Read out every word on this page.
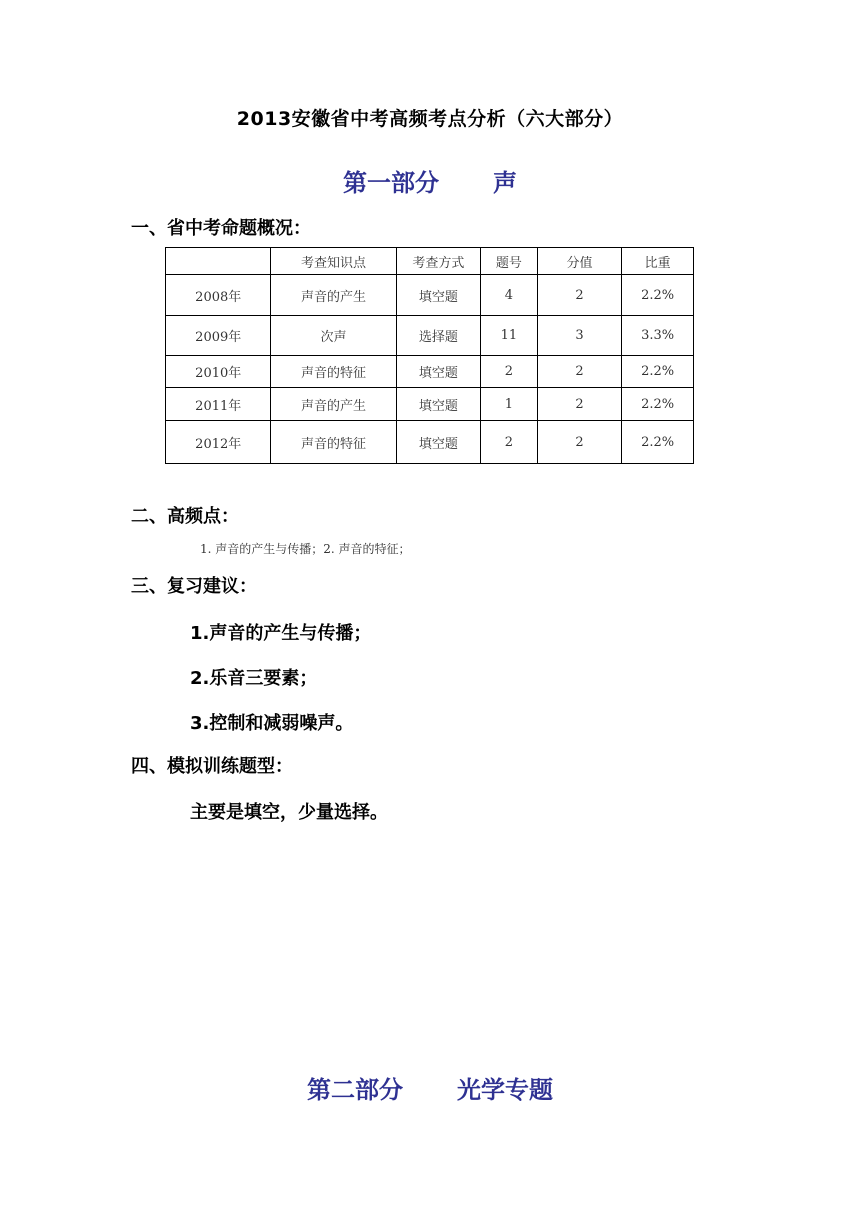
2013安徽省中考高频考点分析（六大部分）
第一部分 声
一、省中考命题概况：
	考查知识点	考查方式	题号	分值	比重
2008年	声音的产生	填空题	4	2	2.2%
2009年	次声	选择题	11	3	3.3%
2010年	声音的特征	填空题	2	2	2.2%
2011年	声音的产生	填空题	1	2	2.2%
2012年	声音的特征	填空题	2	2	2.2%
二、高频点：
1. 声音的产生与传播；2. 声音的特征；
三、复习建议：
1.声音的产生与传播；
2.乐音三要素；
3.控制和减弱噪声。
四、模拟训练题型：
主要是填空，少量选择。
第二部分 光学专题
